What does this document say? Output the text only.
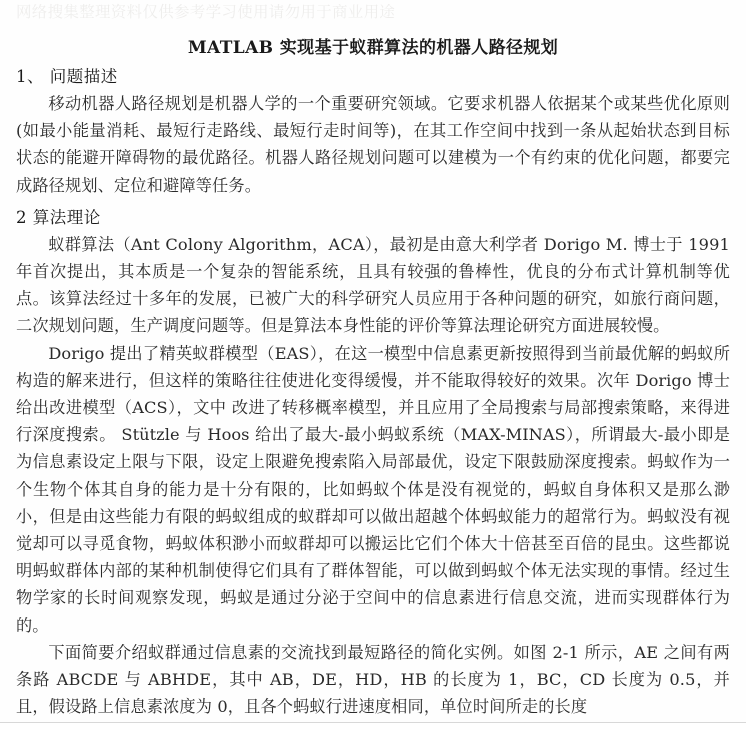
网络搜集整理资料仅供参考学习使用请勿用于商业用途
MATLAB 实现基于蚁群算法的机器人路径规划
1、 问题描述

移动机器人路径规划是机器人学的一个重要研究领域。它要求机器人依据某个或某些优化原则(如最小能量消耗、最短行走路线、最短行走时间等)，在其工作空间中找到一条从起始状态到目标状态的能避开障碍物的最优路径。机器人路径规划问题可以建模为一个有约束的优化问题，都要完成路径规划、定位和避障等任务。

2 算法理论

蚁群算法（Ant Colony Algorithm，ACA），最初是由意大利学者 Dorigo M. 博士于 1991 年首次提出，其本质是一个复杂的智能系统，且具有较强的鲁棒性，优良的分布式计算机制等优点。该算法经过十多年的发展，已被广大的科学研究人员应用于各种问题的研究，如旅行商问题，二次规划问题，生产调度问题等。但是算法本身性能的评价等算法理论研究方面进展较慢。

Dorigo 提出了精英蚁群模型（EAS），在这一模型中信息素更新按照得到当前最优解的蚂蚁所构造的解来进行，但这样的策略往往使进化变得缓慢，并不能取得较好的效果。次年 Dorigo 博士给出改进模型（ACS），文中 改进了转移概率模型，并且应用了全局搜索与局部搜索策略，来得进行深度搜索。 Stützle 与 Hoos 给出了最大-最小蚂蚁系统（MAX-MINAS），所谓最大-最小即是为信息素设定上限与下限，设定上限避免搜索陷入局部最优，设定下限鼓励深度搜索。蚂蚁作为一个生物个体其自身的能力是十分有限的，比如蚂蚁个体是没有视觉的，蚂蚁自身体积又是那么渺小，但是由这些能力有限的蚂蚁组成的蚁群却可以做出超越个体蚂蚁能力的超常行为。蚂蚁没有视觉却可以寻觅食物，蚂蚁体积渺小而蚁群却可以搬运比它们个体大十倍甚至百倍的昆虫。这些都说明蚂蚁群体内部的某种机制使得它们具有了群体智能，可以做到蚂蚁个体无法实现的事情。经过生物学家的长时间观察发现，蚂蚁是通过分泌于空间中的信息素进行信息交流，进而实现群体行为的。

下面简要介绍蚁群通过信息素的交流找到最短路径的简化实例。如图 2-1 所示，AE 之间有两条路 ABCDE 与 ABHDE，其中 AB，DE，HD，HB 的长度为 1，BC，CD 长度为 0.5，并且，假设路上信息素浓度为 0，且各个蚂蚁行进速度相同，单位时间所走的长度
